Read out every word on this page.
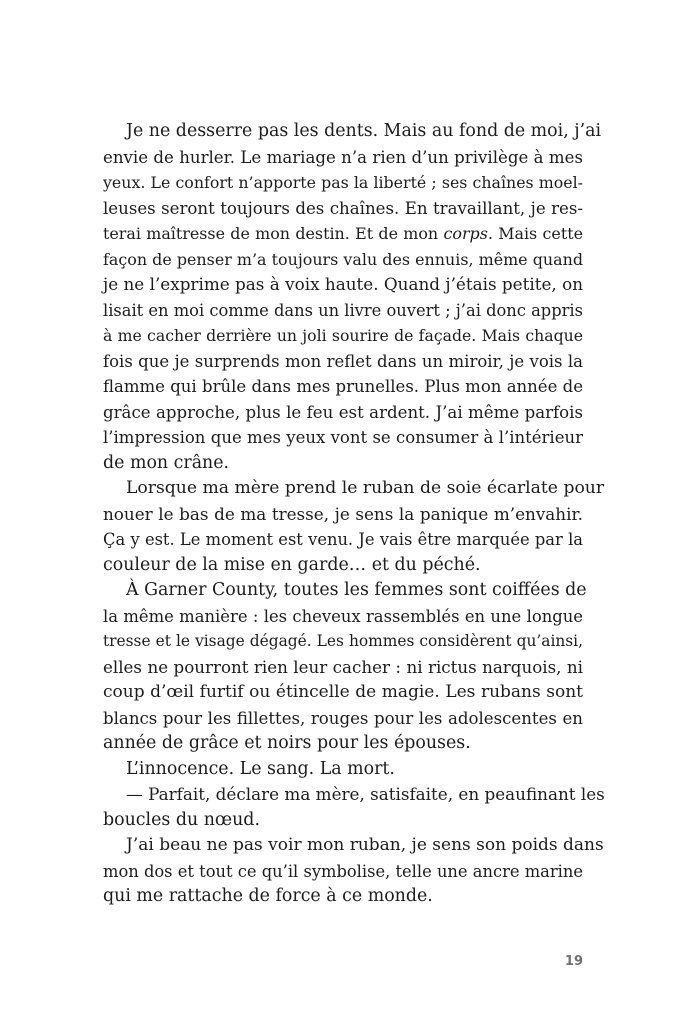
Je ne desserre pas les dents. Mais au fond de moi, j’ai
envie de hurler. Le mariage n’a rien d’un privilège à mes
yeux. Le confort n’apporte pas la liberté ; ses chaînes moel-
leuses seront toujours des chaînes. En travaillant, je res-
terai maîtresse de mon destin. Et de mon corps. Mais cette
façon de penser m’a toujours valu des ennuis, même quand
je ne l’exprime pas à voix haute. Quand j’étais petite, on
lisait en moi comme dans un livre ouvert ; j’ai donc appris
à me cacher derrière un joli sourire de façade. Mais chaque
fois que je surprends mon reflet dans un miroir, je vois la
flamme qui brûle dans mes prunelles. Plus mon année de
grâce approche, plus le feu est ardent. J’ai même parfois
l’impression que mes yeux vont se consumer à l’intérieur
de mon crâne.
Lorsque ma mère prend le ruban de soie écarlate pour
nouer le bas de ma tresse, je sens la panique m’envahir.
Ça y est. Le moment est venu. Je vais être marquée par la
couleur de la mise en garde… et du péché.
À Garner County, toutes les femmes sont coiffées de
la même manière : les cheveux rassemblés en une longue
tresse et le visage dégagé. Les hommes considèrent qu’ainsi,
elles ne pourront rien leur cacher : ni rictus narquois, ni
coup d’œil furtif ou étincelle de magie. Les rubans sont
blancs pour les fillettes, rouges pour les adolescentes en
année de grâce et noirs pour les épouses.
L’innocence. Le sang. La mort.
— Parfait, déclare ma mère, satisfaite, en peaufinant les
boucles du nœud.
J’ai beau ne pas voir mon ruban, je sens son poids dans
mon dos et tout ce qu’il symbolise, telle une ancre marine
qui me rattache de force à ce monde.
19
